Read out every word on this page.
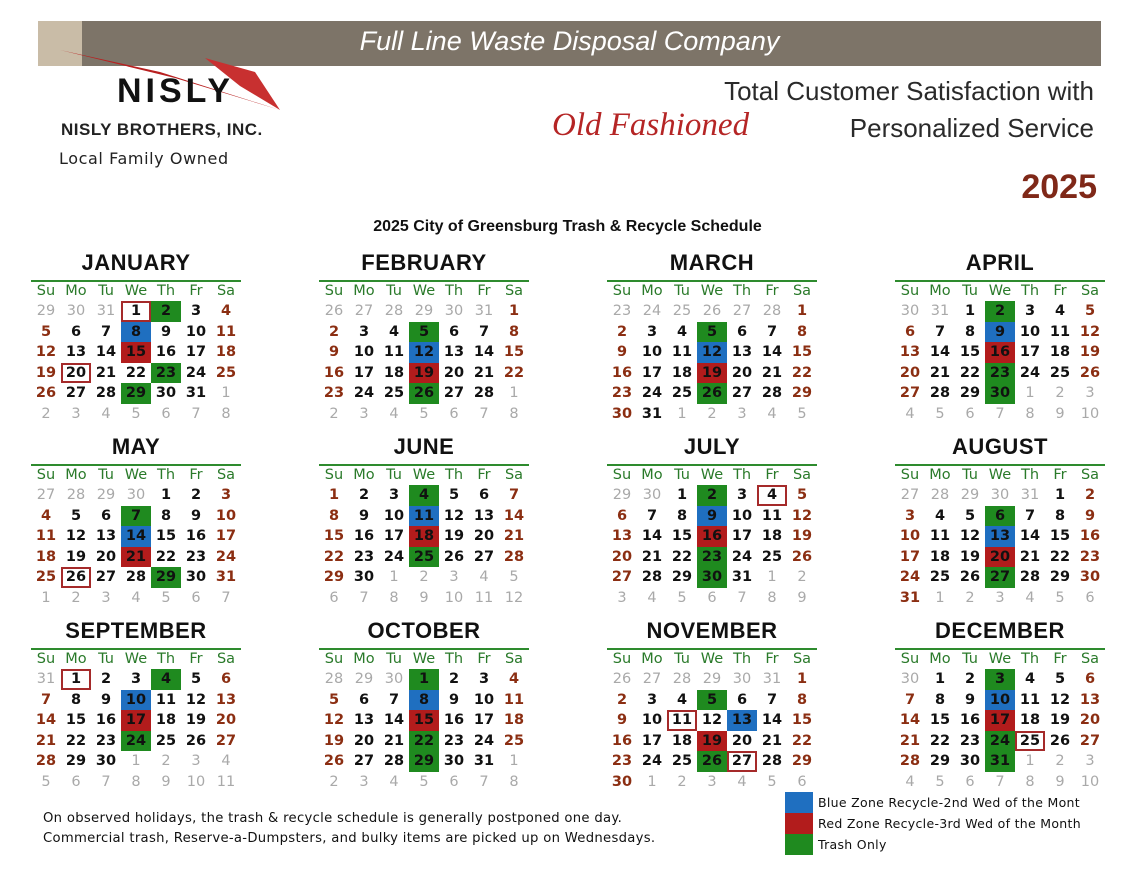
Full Line Waste Disposal Company
NISLY
NISLY BROTHERS, INC.
Local Family Owned
Total Customer Satisfaction with
Old Fashioned	Personalized Service
2025
2025 City of Greensburg Trash & Recycle Schedule
JANUARY
Su Mo Tu We Th Fr Sa
29 30 31	1	2	3	4
5	6	7	8	9	10 11
12 13 14 15 16 17 18
19 20 21 22 23 24 25
26 27 28 29 30 31	1
2	3	4	5	6	7	8
FEBRUARY
Su Mo Tu We Th Fr Sa
26 27 28 29 30 31	1
2	3	4	5	6	7	8
9	10 11 12 13 14 15
16 17 18 19 20 21 22
23 24 25 26 27 28	1
2	3	4	5	6	7	8
MARCH
Su Mo Tu We Th Fr Sa
23 24 25 26 27 28	1
2	3	4	5	6	7	8
9	10 11 12 13 14 15
16 17 18 19 20 21 22
23 24 25 26 27 28 29
30 31	1	2	3	4	5
APRIL
Su Mo Tu We Th Fr Sa
30 31	1	2	3	4	5
6	7	8	9	10 11 12
13 14 15 16 17 18 19
20 21 22 23 24 25 26
27 28 29 30	1	2	3
4	5	6	7	8	9	10
MAY
Su Mo Tu We Th Fr Sa
27 28 29 30	1	2	3
4	5	6	7	8	9	10
11 12 13 14 15 16 17
18 19 20 21 22 23 24
25 26 27 28 29 30 31
1	2	3	4	5	6	7
JUNE
Su Mo Tu We Th Fr Sa
1	2	3	4	5	6	7
8	9	10 11 12 13 14
15 16 17 18 19 20 21
22 23 24 25 26 27 28
29 30	1	2	3	4	5
6	7	8	9	10 11 12
JULY
Su Mo Tu We Th Fr Sa
29 30	1	2	3	4	5
6	7	8	9	10 11 12
13 14 15 16 17 18 19
20 21 22 23 24 25 26
27 28 29 30 31	1	2
3	4	5	6	7	8	9
AUGUST
Su Mo Tu We Th Fr Sa
27 28 29 30 31	1	2
3	4	5	6	7	8	9
10 11 12 13 14 15 16
17 18 19 20 21 22 23
24 25 26 27 28 29 30
31	1	2	3	4	5	6
SEPTEMBER
Su Mo Tu We Th Fr Sa
31	1	2	3	4	5	6
7	8	9	10 11 12 13
14 15 16 17 18 19 20
21 22 23 24 25 26 27
28 29 30	1	2	3	4
5	6	7	8	9	10 11
OCTOBER
Su Mo Tu We Th Fr Sa
28 29 30	1	2	3	4
5	6	7	8	9	10 11
12 13 14 15 16 17 18
19 20 21 22 23 24 25
26 27 28 29 30 31	1
2	3	4	5	6	7	8
NOVEMBER
Su Mo Tu We Th Fr Sa
26 27 28 29 30 31	1
2	3	4	5	6	7	8
9	10 11 12 13 14 15
16 17 18 19 20 21 22
23 24 25 26 27 28 29
30	1	2	3	4	5	6
DECEMBER
Su Mo Tu We Th Fr Sa
30	1	2	3	4	5	6
7	8	9	10 11 12 13
14 15 16 17 18 19 20
21 22 23 24 25 26 27
28 29 30 31	1	2	3
4	5	6	7	8	9	10
On observed holidays, the trash & recycle schedule is generally postponed one day.
Commercial trash, Reserve-a-Dumpsters, and bulky items are picked up on Wednesdays.
Blue Zone Recycle-2nd Wed of the Mont
Red Zone Recycle-3rd Wed of the Month
Trash Only
